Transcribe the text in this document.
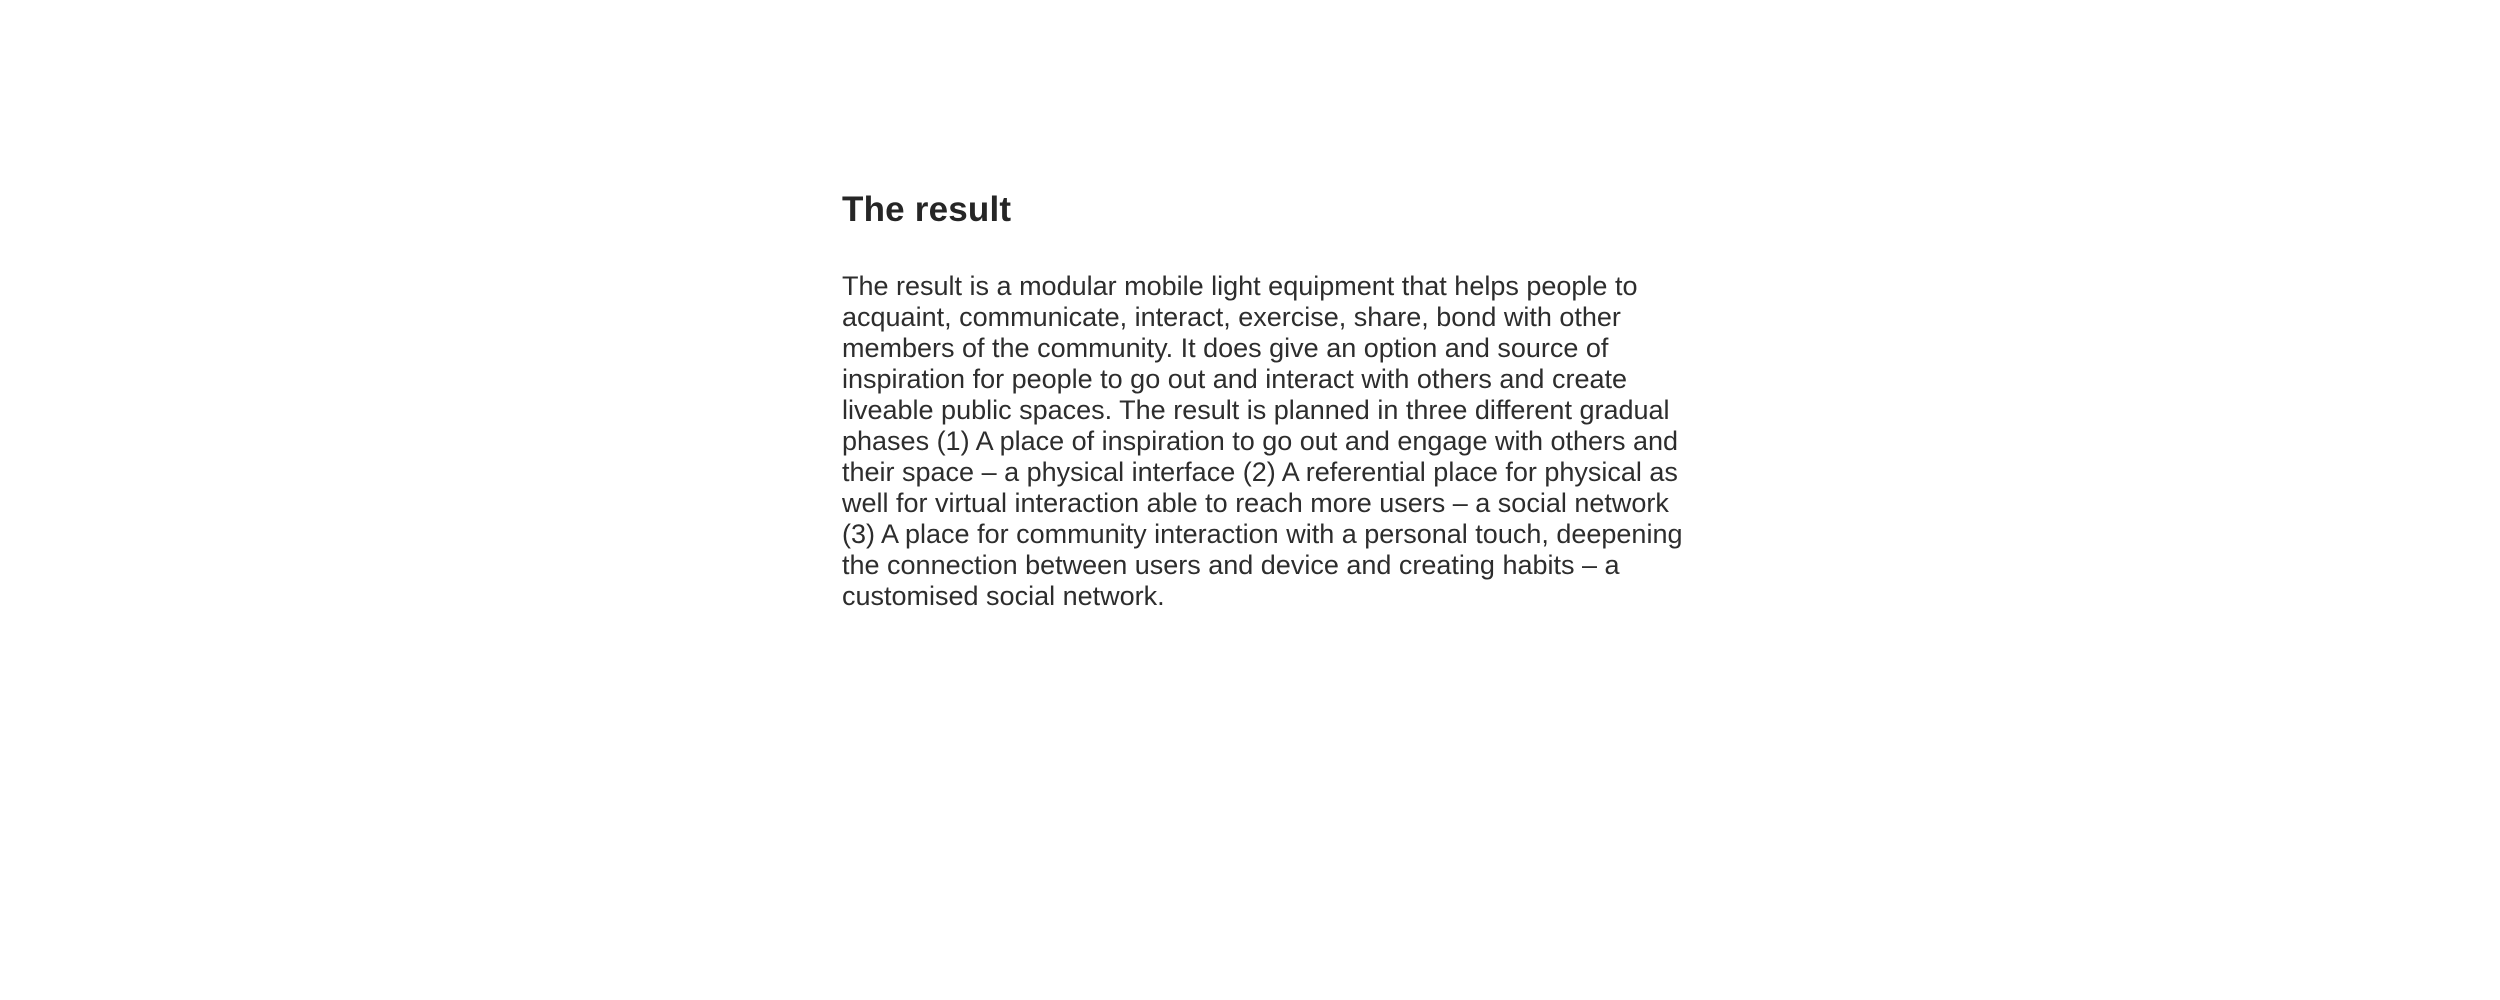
The result

The result is a modular mobile light equipment that helps people to
acquaint, communicate, interact, exercise, share, bond with other
members of the community. It does give an option and source of
inspiration for people to go out and interact with others and create
liveable public spaces. The result is planned in three different gradual
phases (1) A place of inspiration to go out and engage with others and
their space – a physical interface (2) A referential place for physical as
well for virtual interaction able to reach more users – a social network
(3) A place for community interaction with a personal touch, deepening
the connection between users and device and creating habits – a
customised social network.
